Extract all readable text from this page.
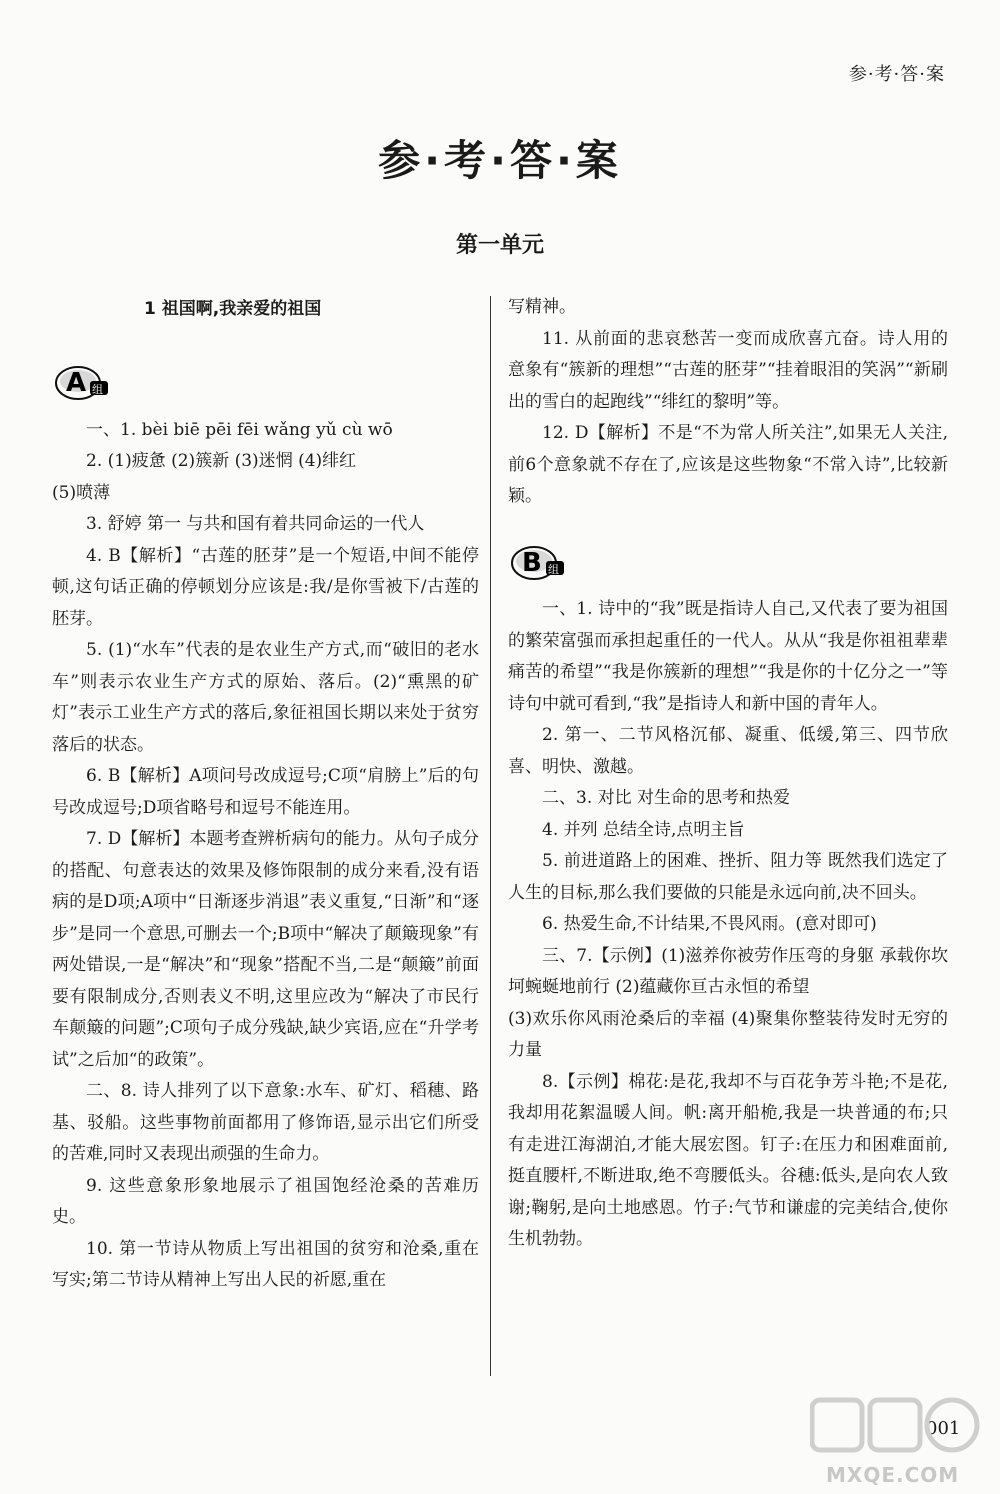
参·考·答·案
参·考·答·案
第一单元
1 祖国啊,我亲爱的祖国
A 组

一、1. bèi biē pēi fēi wǎng yǔ cù wō

2. (1)疲惫 (2)簇新 (3)迷惘 (4)绯红

(5)喷薄

3. 舒婷 第一 与共和国有着共同命运的一代人

4. B【解析】“古莲的胚芽”是一个短语,中间不能停顿,这句话正确的停顿划分应该是:我/是你雪被下/古莲的胚芽。

5. (1)“水车”代表的是农业生产方式,而“破旧的老水车”则表示农业生产方式的原始、落后。(2)“熏黑的矿灯”表示工业生产方式的落后,象征祖国长期以来处于贫穷落后的状态。

6. B【解析】A项问号改成逗号;C项“肩膀上”后的句号改成逗号;D项省略号和逗号不能连用。

7. D【解析】本题考查辨析病句的能力。从句子成分的搭配、句意表达的效果及修饰限制的成分来看,没有语病的是D项;A项中“日渐逐步消退”表义重复,“日渐”和“逐步”是同一个意思,可删去一个;B项中“解决了颠簸现象”有两处错误,一是“解决”和“现象”搭配不当,二是“颠簸”前面要有限制成分,否则表义不明,这里应改为“解决了市民行车颠簸的问题”;C项句子成分残缺,缺少宾语,应在“升学考试”之后加“的政策”。

二、8. 诗人排列了以下意象:水车、矿灯、稻穗、路基、驳船。这些事物前面都用了修饰语,显示出它们所受的苦难,同时又表现出顽强的生命力。

9. 这些意象形象地展示了祖国饱经沧桑的苦难历史。

10. 第一节诗从物质上写出祖国的贫穷和沧桑,重在写实;第二节诗从精神上写出人民的祈愿,重在

写精神。

11. 从前面的悲哀愁苦一变而成欣喜亢奋。诗人用的意象有“簇新的理想”“古莲的胚芽”“挂着眼泪的笑涡”“新刷出的雪白的起跑线”“绯红的黎明”等。

12. D【解析】不是“不为常人所关注”,如果无人关注,前6个意象就不存在了,应该是这些物象“不常入诗”,比较新颖。

B 组

一、1. 诗中的“我”既是指诗人自己,又代表了要为祖国的繁荣富强而承担起重任的一代人。从从“我是你祖祖辈辈痛苦的希望”“我是你簇新的理想”“我是你的十亿分之一”等诗句中就可看到,“我”是指诗人和新中国的青年人。

2. 第一、二节风格沉郁、凝重、低缓,第三、四节欣喜、明快、激越。

二、3. 对比 对生命的思考和热爱

4. 并列 总结全诗,点明主旨

5. 前进道路上的困难、挫折、阻力等 既然我们选定了人生的目标,那么我们要做的只能是永远向前,决不回头。

6. 热爱生命,不计结果,不畏风雨。(意对即可)

三、7.【示例】(1)滋养你被劳作压弯的身躯 承载你坎坷蜿蜒地前行 (2)蕴藏你亘古永恒的希望

(3)欢乐你风雨沧桑后的幸福 (4)聚集你整装待发时无穷的力量

8.【示例】棉花:是花,我却不与百花争芳斗艳;不是花,我却用花絮温暖人间。帆:离开船桅,我是一块普通的布;只有走进江海湖泊,才能大展宏图。钉子:在压力和困难面前,挺直腰杆,不断进取,绝不弯腰低头。谷穗:低头,是向农人致谢;鞠躬,是向土地感恩。竹子:气节和谦虚的完美结合,使你生机勃勃。

001
MXQE.COM
